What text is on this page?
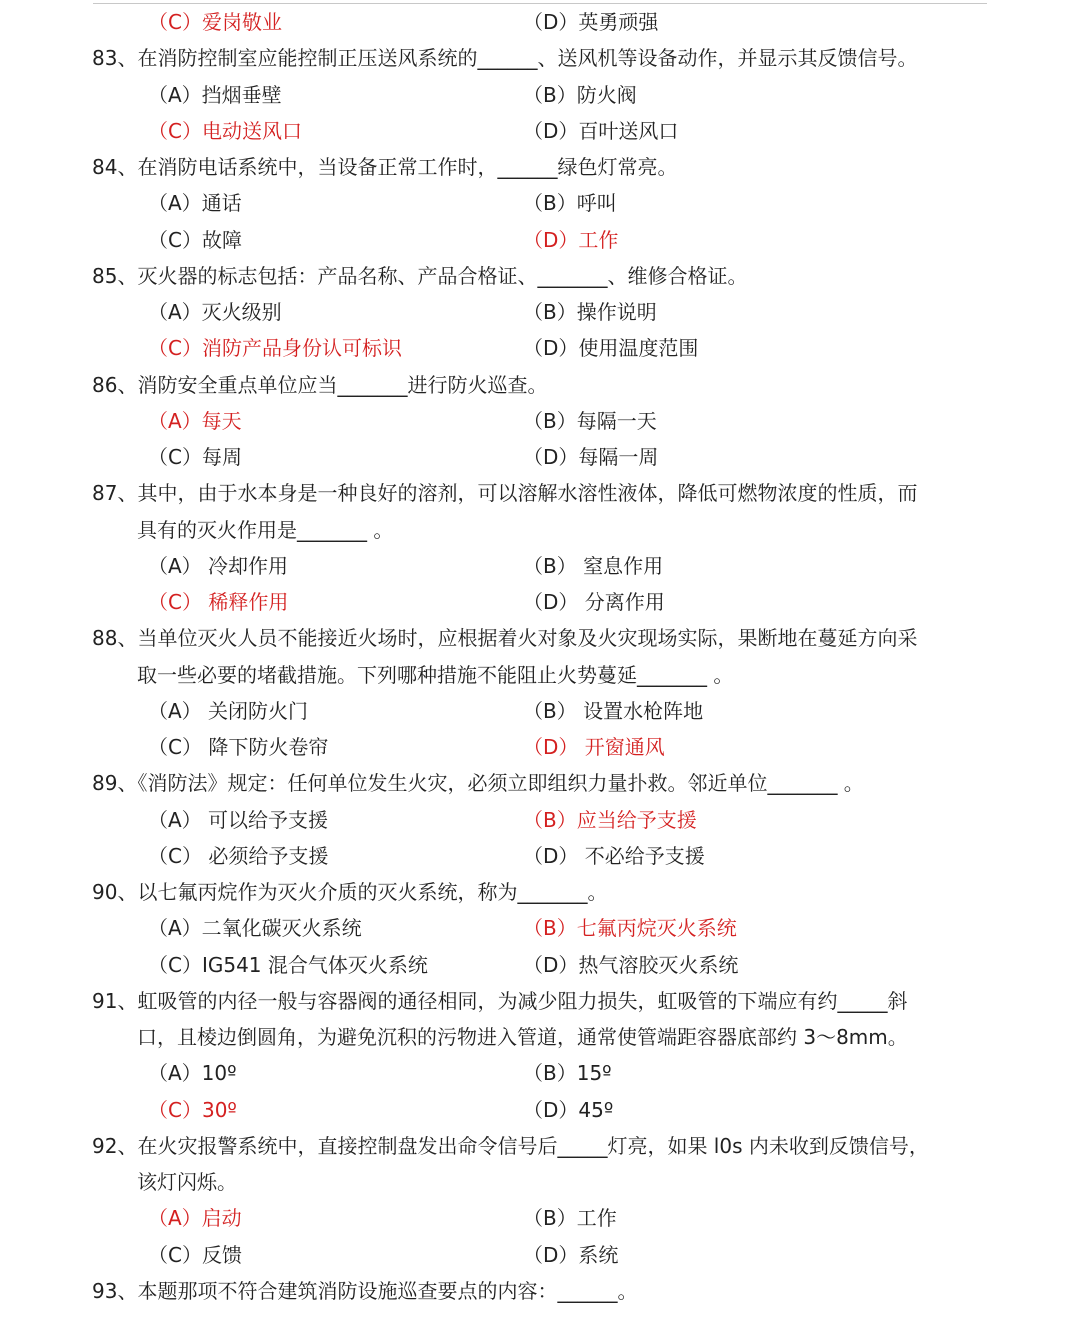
（C）爱岗敬业	（D）英勇顽强
83、在消防控制室应能控制正压送风系统的______、送风机等设备动作，并显示其反馈信号。
（A）挡烟垂壁	（B）防火阀
（C）电动送风口	（D）百叶送风口
84、在消防电话系统中，当设备正常工作时，______绿色灯常亮。
（A）通话	（B）呼叫
（C）故障	（D）工作
85、灭火器的标志包括：产品名称、产品合格证、_______、维修合格证。
（A）灭火级别	（B）操作说明
（C）消防产品身份认可标识	（D）使用温度范围
86、消防安全重点单位应当_______进行防火巡查。
（A）每天	（B）每隔一天
（C）每周	（D）每隔一周
87、其中，由于水本身是一种良好的溶剂，可以溶解水溶性液体，降低可燃物浓度的性质，而
具有的灭火作用是_______ 。
（A） 冷却作用	（B） 窒息作用
（C） 稀释作用	（D） 分离作用
88、当单位灭火人员不能接近火场时，应根据着火对象及火灾现场实际，果断地在蔓延方向采
取一些必要的堵截措施。下列哪种措施不能阻止火势蔓延_______ 。
（A） 关闭防火门	（B） 设置水枪阵地
（C） 降下防火卷帘	（D） 开窗通风
89、《消防法》规定：任何单位发生火灾，必须立即组织力量扑救。邻近单位_______ 。
（A） 可以给予支援	（B）应当给予支援
（C） 必须给予支援	（D） 不必给予支援
90、以七氟丙烷作为灭火介质的灭火系统，称为_______。
（A）二氧化碳灭火系统	（B）七氟丙烷灭火系统
（C）IG541 混合气体灭火系统	（D）热气溶胶灭火系统
91、虹吸管的内径一般与容器阀的通径相同，为减少阻力损失，虹吸管的下端应有约_____斜
口，且棱边倒圆角，为避免沉积的污物进入管道，通常使管端距容器底部约 3～8mm。
（A）10º	（B）15º
（C）30º	（D）45º
92、在火灾报警系统中，直接控制盘发出命令信号后_____灯亮，如果 l0s 内未收到反馈信号，
该灯闪烁。
（A）启动	（B）工作
（C）反馈	（D）系统
93、本题那项不符合建筑消防设施巡查要点的内容：______。
